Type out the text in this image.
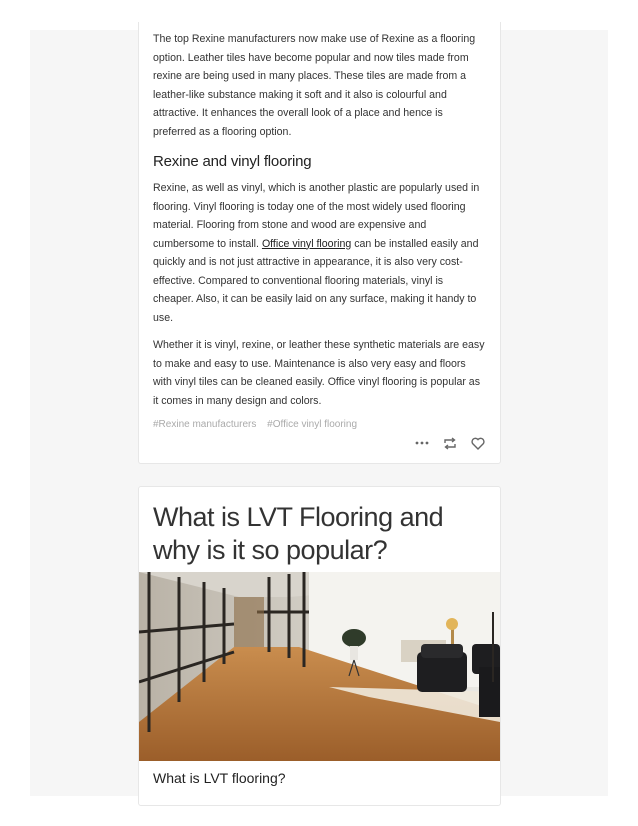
The top Rexine manufacturers now make use of Rexine as a flooring option. Leather tiles have become popular and now tiles made from rexine are being used in many places. These tiles are made from a leather-like substance making it soft and it also is colourful and attractive. It enhances the overall look of a place and hence is preferred as a flooring option.

Rexine and vinyl flooring

Rexine, as well as vinyl, which is another plastic are popularly used in flooring. Vinyl flooring is today one of the most widely used flooring material. Flooring from stone and wood are expensive and cumbersome to install. Office vinyl flooring can be installed easily and quickly and is not just attractive in appearance, it is also very cost-effective. Compared to conventional flooring materials, vinyl is cheaper. Also, it can be easily laid on any surface, making it handy to use.

Whether it is vinyl, rexine, or leather these synthetic materials are easy to make and easy to use. Maintenance is also very easy and floors with vinyl tiles can be cleaned easily. Office vinyl flooring is popular as it comes in many design and colors.

#Rexine manufacturers #Office vinyl flooring
What is LVT Flooring and why is it so popular?
What is LVT flooring?
